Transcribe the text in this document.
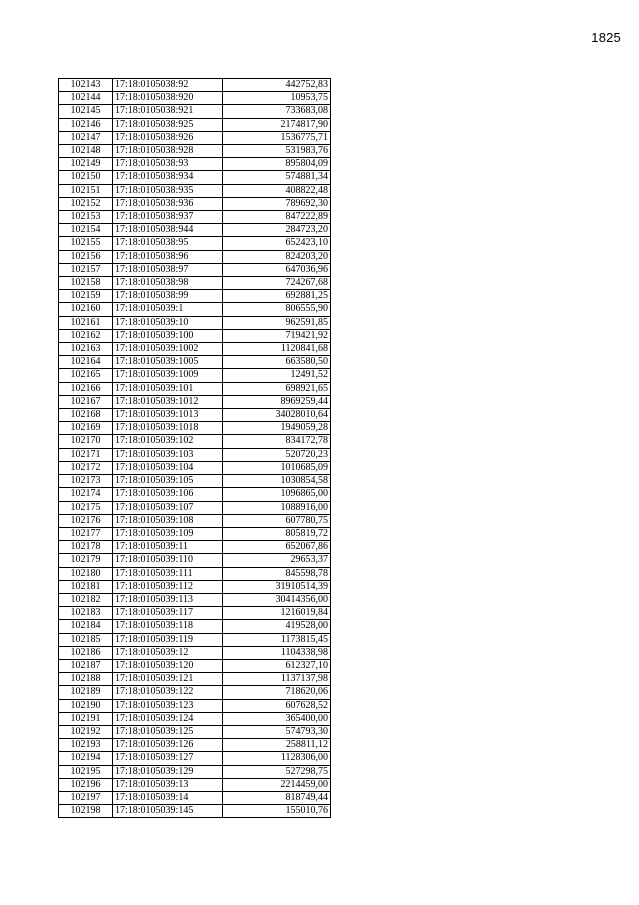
1825
102143	17:18:0105038:92	442752,83
102144	17:18:0105038:920	10953,75
102145	17:18:0105038:921	733683,08
102146	17:18:0105038:925	2174817,90
102147	17:18:0105038:926	1536775,71
102148	17:18:0105038:928	531983,76
102149	17:18:0105038:93	895804,09
102150	17:18:0105038:934	574881,34
102151	17:18:0105038:935	408822,48
102152	17:18:0105038:936	789692,30
102153	17:18:0105038:937	847222,89
102154	17:18:0105038:944	284723,20
102155	17:18:0105038:95	652423,10
102156	17:18:0105038:96	824203,20
102157	17:18:0105038:97	647036,96
102158	17:18:0105038:98	724267,68
102159	17:18:0105038:99	692881,25
102160	17:18:0105039:1	806555,90
102161	17:18:0105039:10	962591,85
102162	17:18:0105039:100	719421,92
102163	17:18:0105039:1002	1120841,68
102164	17:18:0105039:1005	663580,50
102165	17:18:0105039:1009	12491,52
102166	17:18:0105039:101	698921,65
102167	17:18:0105039:1012	8969259,44
102168	17:18:0105039:1013	34028010,64
102169	17:18:0105039:1018	1949059,28
102170	17:18:0105039:102	834172,78
102171	17:18:0105039:103	520720,23
102172	17:18:0105039:104	1010685,09
102173	17:18:0105039:105	1030854,58
102174	17:18:0105039:106	1096865,00
102175	17:18:0105039:107	1088916,00
102176	17:18:0105039:108	607780,75
102177	17:18:0105039:109	805819,72
102178	17:18:0105039:11	652067,86
102179	17:18:0105039:110	29653,37
102180	17:18:0105039:111	845598,78
102181	17:18:0105039:112	31910514,39
102182	17:18:0105039:113	30414356,00
102183	17:18:0105039:117	1216019,84
102184	17:18:0105039:118	419528,00
102185	17:18:0105039:119	1173815,45
102186	17:18:0105039:12	1104338,98
102187	17:18:0105039:120	612327,10
102188	17:18:0105039:121	1137137,98
102189	17:18:0105039:122	718620,06
102190	17:18:0105039:123	607628,52
102191	17:18:0105039:124	365400,00
102192	17:18:0105039:125	574793,30
102193	17:18:0105039:126	258811,12
102194	17:18:0105039:127	1128306,00
102195	17:18:0105039:129	527298,75
102196	17:18:0105039:13	2214459,00
102197	17:18:0105039:14	818749,44
102198	17:18:0105039:145	155010,76
